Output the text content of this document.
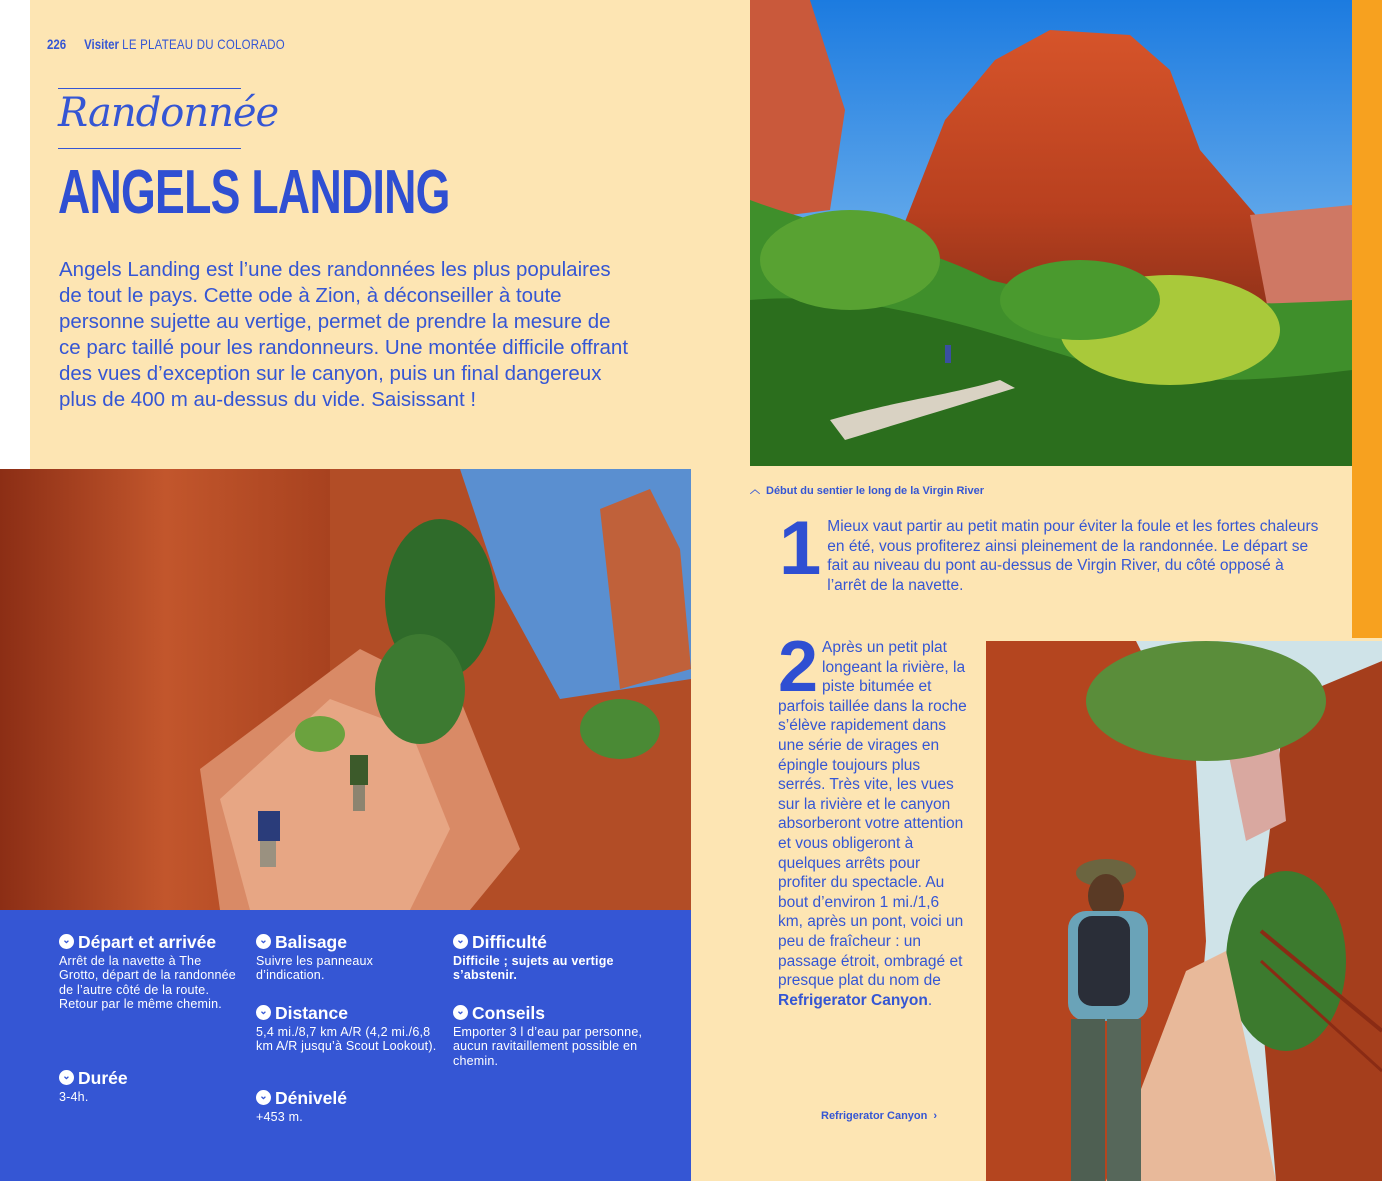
226 Visiter LE PLATEAU DU COLORADO
Randonnée
ANGELS LANDING

Angels Landing est l’une des randonnées les plus populaires de tout le pays. Cette ode à Zion, à déconseiller à toute personne sujette au vertige, permet de prendre la mesure de ce parc taillé pour les randonneurs. Une montée difficile offrant des vues d’exception sur le canyon, puis un final dangereux plus de 400 m au-dessus du vide. Saisissant !

︿ Début du sentier le long de la Virgin River
1 Mieux vaut partir au petit matin pour éviter la foule et les fortes chaleurs en été, vous profiterez ainsi pleinement de la randonnée. Le départ se fait au niveau du pont au-dessus de Virgin River, du côté opposé à l’arrêt de la navette.
2 Après un petit plat longeant la rivière, la piste bitumée et parfois taillée dans la roche s’élève rapidement dans une série de virages en épingle toujours plus serrés. Très vite, les vues sur la rivière et le canyon absorberont votre attention et vous obligeront à quelques arrêts pour profiter du spectacle. Au bout d’environ 1 mi./1,6 km, après un pont, voici un peu de fraîcheur : un passage étroit, ombragé et presque plat du nom de Refrigerator Canyon.
Refrigerator Canyon ›
⌄ Départ et arrivée
Arrêt de la navette à The Grotto, départ de la randonnée de l’autre côté de la route. Retour par le même chemin.
⌄ Durée
3-4h.
⌄ Balisage
Suivre les panneaux d’indication.
⌄ Distance
5,4 mi./8,7 km A/R (4,2 mi./6,8 km A/R jusqu’à Scout Lookout).
⌄ Dénivelé
+453 m.
⌄ Difficulté
Difficile ; sujets au vertige s’abstenir.
⌄ Conseils
Emporter 3 l d’eau par personne, aucun ravitaillement possible en chemin.
